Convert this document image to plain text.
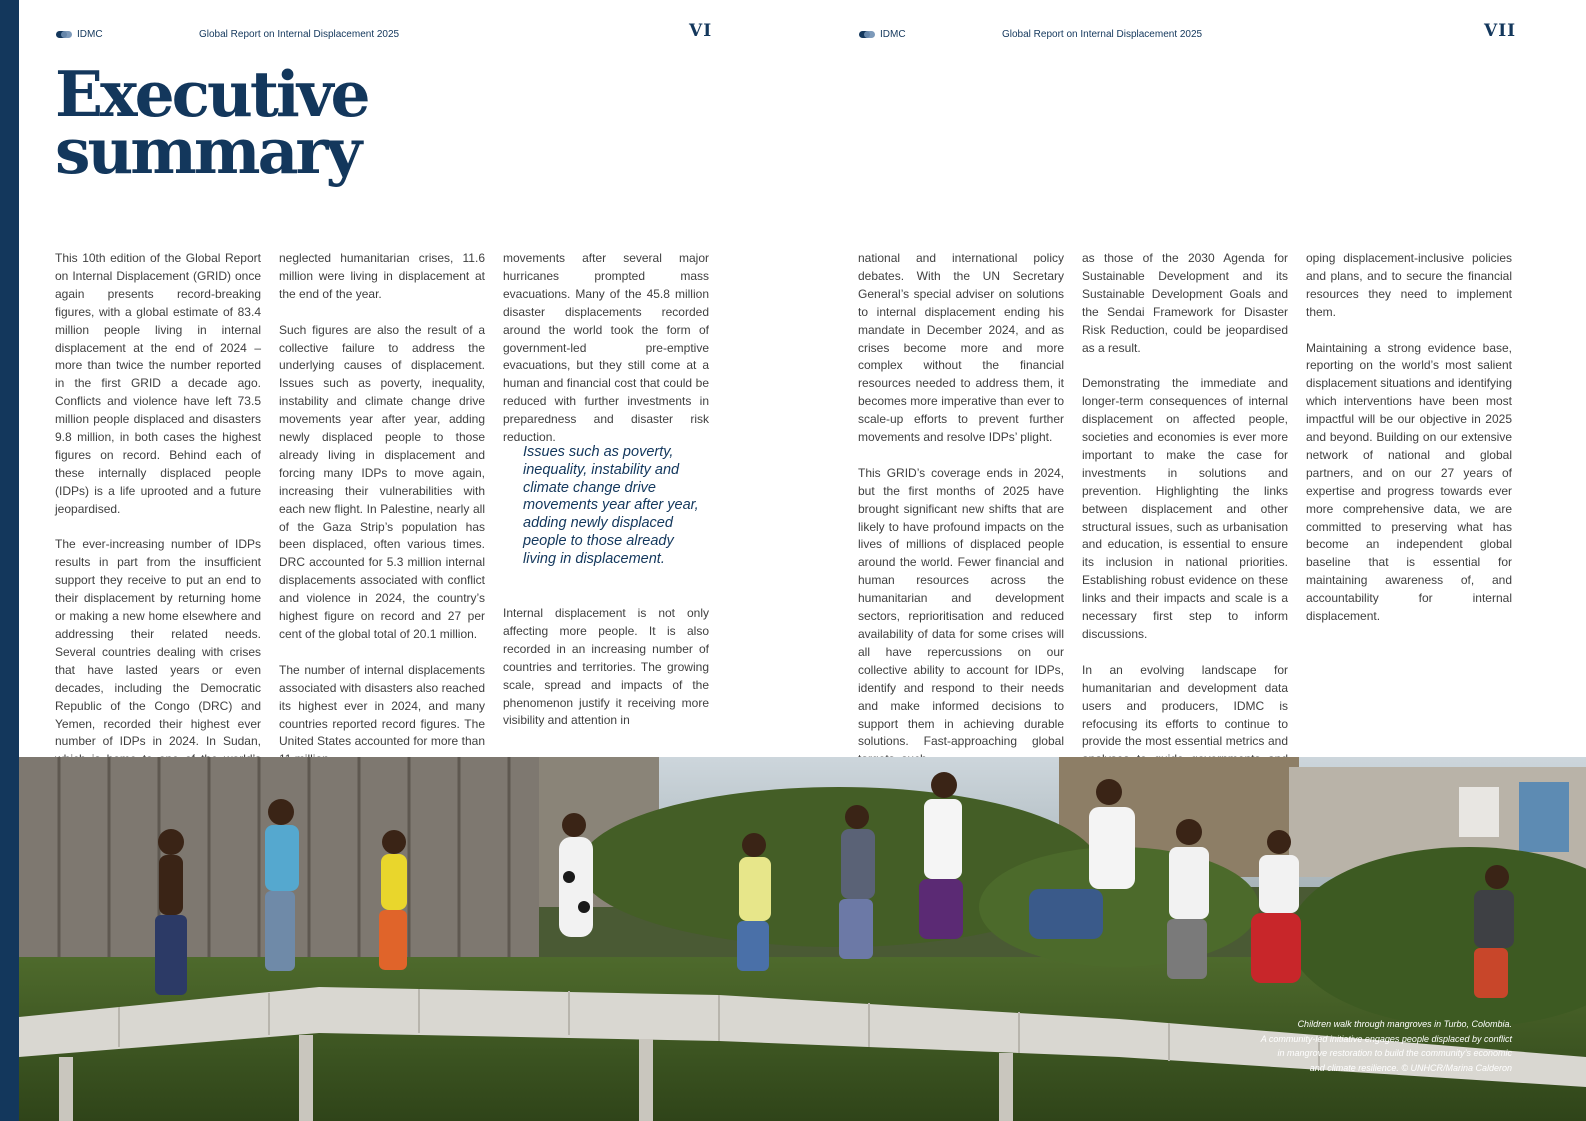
IDMC	Global Report on Internal Displacement 2025	VI	IDMC	Global Report on Internal Displacement 2025	VII
Executive
summary

This 10th edition of the Global Report on Internal Displacement (GRID) once again presents record-breaking figures, with a global estimate of 83.4 million people living in internal displacement at the end of 2024 – more than twice the number reported in the first GRID a decade ago. Conflicts and violence have left 73.5 million people displaced and disasters 9.8 million, in both cases the highest figures on record. Behind each of these internally displaced people (IDPs) is a life uprooted and a future jeopardised.

The ever-increasing number of IDPs results in part from the insufficient support they receive to put an end to their displacement by returning home or making a new home elsewhere and addressing their related needs. Several countries dealing with crises that have lasted years or even decades, including the Democratic Republic of the Congo (DRC) and Yemen, recorded their highest ever number of IDPs in 2024. In Sudan,

neglected humanitarian crises, 11.6 million were living in displacement at the end of the year.

Such figures are also the result of a collective failure to address the underlying causes of displacement. Issues such as poverty, inequality, instability and climate change drive movements year after year, adding newly displaced people to those already living in displacement and forcing many IDPs to move again, increasing their vulnerabilities with each new flight. In Palestine, nearly all of the Gaza Strip’s population has been displaced, often various times. DRC accounted for 5.3 million internal displacements associated with conflict and violence in 2024, the country’s highest figure on record and 27 per cent of the global total of 20.1 million.

The number of internal displacements associated with disasters also reached its highest ever in 2024, and many countries reported record figures. The United States accounted for more than

movements after several major hurricanes prompted mass evacuations. Many of the 45.8 million disaster displacements recorded around the world took the form of government-led pre-emptive evacuations, but they still come at a human and financial cost that could be reduced with further investments in preparedness and disaster risk reduction.

Issues such as poverty, inequality, instability and climate change drive movements year after year, adding newly displaced people to those already living in displacement.

Internal displacement is not only affecting more people. It is also recorded in an increasing number of countries and territories. The growing scale, spread and impacts of the phenomenon justify it receiving more visibility and attention in

national and international policy debates. With the UN Secretary General’s special adviser on solutions to internal displacement ending his mandate in December 2024, and as crises become more and more complex without the financial resources needed to address them, it becomes more imperative than ever to scale-up efforts to prevent further movements and resolve IDPs’ plight.

This GRID’s coverage ends in 2024, but the first months of 2025 have brought significant new shifts that are likely to have profound impacts on the lives of millions of displaced people around the world. Fewer financial and human resources across the humanitarian and development sectors, reprioritisation and reduced availability of data for some crises will all have repercussions on our collective ability to account for IDPs, identify and respond to their needs and make informed decisions to support them in achieving durable solutions. Fast-approaching global

as those of the 2030 Agenda for Sustainable Development and its Sustainable Development Goals and the Sendai Framework for Disaster Risk Reduction, could be jeopardised as a result.

Demonstrating the immediate and longer-term consequences of internal displacement on affected people, societies and economies is ever more important to make the case for investments in solutions and prevention. Highlighting the links between displacement and other structural issues, such as urbanisation and education, is essential to ensure its inclusion in national priorities. Establishing robust evidence on these links and their impacts and scale is a necessary first step to inform discussions.

In an evolving landscape for humanitarian and development data users and producers, IDMC is refocusing its efforts to continue to provide the most essential metrics and

oping displacement-inclusive policies and plans, and to secure the financial resources they need to implement them.

Maintaining a strong evidence base, reporting on the world’s most salient displacement situations and identifying which interventions have been most impactful will be our objective in 2025 and beyond. Building on our extensive network of national and global partners, and on our 27 years of expertise and progress towards ever more comprehensive data, we are committed to preserving what has become an independent global baseline that is essential for maintaining awareness of, and accountability for internal displacement.

Children walk through mangroves in Turbo, Colombia.
A community-led initiative engages people displaced by conflict
in mangrove restoration to build the community’s economic
and climate resilience. © UNHCR/Marina Calderon
